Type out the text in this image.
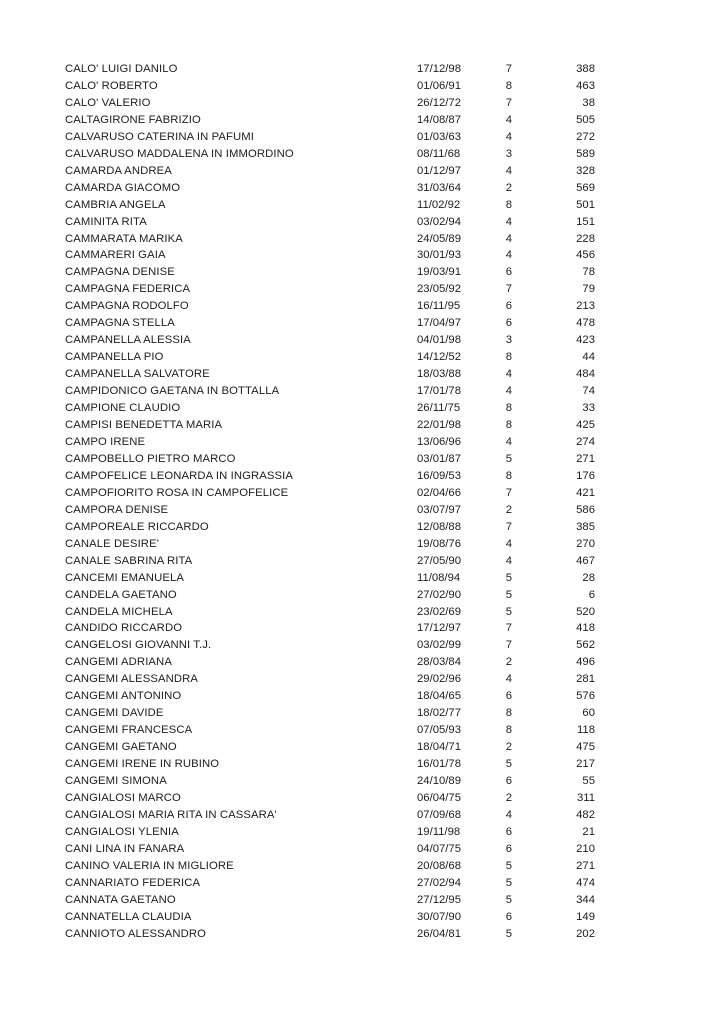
CALO' LUIGI DANILO	17/12/98	7	388
CALO' ROBERTO	01/06/91	8	463
CALO' VALERIO	26/12/72	7	38
CALTAGIRONE FABRIZIO	14/08/87	4	505
CALVARUSO CATERINA IN PAFUMI	01/03/63	4	272
CALVARUSO MADDALENA IN IMMORDINO	08/11/68	3	589
CAMARDA ANDREA	01/12/97	4	328
CAMARDA GIACOMO	31/03/64	2	569
CAMBRIA ANGELA	11/02/92	8	501
CAMINITA RITA	03/02/94	4	151
CAMMARATA MARIKA	24/05/89	4	228
CAMMARERI GAIA	30/01/93	4	456
CAMPAGNA DENISE	19/03/91	6	78
CAMPAGNA FEDERICA	23/05/92	7	79
CAMPAGNA RODOLFO	16/11/95	6	213
CAMPAGNA STELLA	17/04/97	6	478
CAMPANELLA ALESSIA	04/01/98	3	423
CAMPANELLA PIO	14/12/52	8	44
CAMPANELLA SALVATORE	18/03/88	4	484
CAMPIDONICO GAETANA IN BOTTALLA	17/01/78	4	74
CAMPIONE CLAUDIO	26/11/75	8	33
CAMPISI BENEDETTA MARIA	22/01/98	8	425
CAMPO IRENE	13/06/96	4	274
CAMPOBELLO PIETRO MARCO	03/01/87	5	271
CAMPOFELICE LEONARDA IN INGRASSIA	16/09/53	8	176
CAMPOFIORITO ROSA IN CAMPOFELICE	02/04/66	7	421
CAMPORA DENISE	03/07/97	2	586
CAMPOREALE RICCARDO	12/08/88	7	385
CANALE DESIRE'	19/08/76	4	270
CANALE SABRINA RITA	27/05/90	4	467
CANCEMI EMANUELA	11/08/94	5	28
CANDELA GAETANO	27/02/90	5	6
CANDELA MICHELA	23/02/69	5	520
CANDIDO RICCARDO	17/12/97	7	418
CANGELOSI GIOVANNI T.J.	03/02/99	7	562
CANGEMI ADRIANA	28/03/84	2	496
CANGEMI ALESSANDRA	29/02/96	4	281
CANGEMI ANTONINO	18/04/65	6	576
CANGEMI DAVIDE	18/02/77	8	60
CANGEMI FRANCESCA	07/05/93	8	118
CANGEMI GAETANO	18/04/71	2	475
CANGEMI IRENE IN RUBINO	16/01/78	5	217
CANGEMI SIMONA	24/10/89	6	55
CANGIALOSI MARCO	06/04/75	2	311
CANGIALOSI MARIA RITA IN CASSARA'	07/09/68	4	482
CANGIALOSI YLENIA	19/11/98	6	21
CANI LINA IN FANARA	04/07/75	6	210
CANINO VALERIA IN MIGLIORE	20/08/68	5	271
CANNARIATO FEDERICA	27/02/94	5	474
CANNATA GAETANO	27/12/95	5	344
CANNATELLA CLAUDIA	30/07/90	6	149
CANNIOTO ALESSANDRO	26/04/81	5	202
